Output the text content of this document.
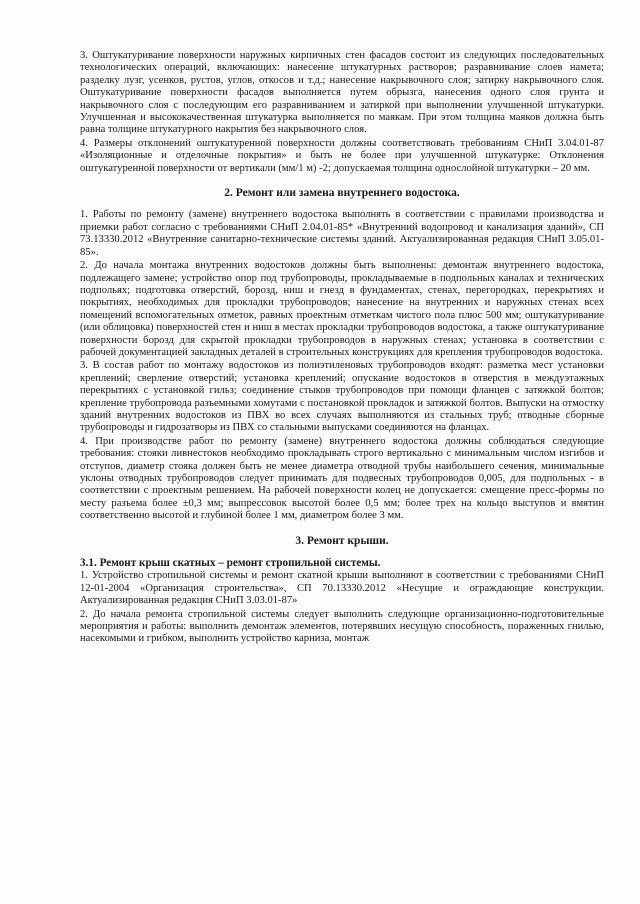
3. Оштукатуривание поверхности наружных кирпичных стен фасадов состоит из следующих последовательных технологических операций, включающих: нанесение штукатурных растворов; разравнивание слоев намета; разделку лузг, усенков, рустов, углов, откосов и т.д.; нанесение накрывочного слоя; затирку накрывочного слоя. Оштукатуривание поверхности фасадов выполняется путем обрызга, нанесения одного слоя грунта и накрывочного слоя с последующим его разравниванием и затиркой при выполнении улучшенной штукатурки. Улучшенная и высококачественная штукатурка выполняется по маякам. При этом толщина маяков должна быть равна толщине штукатурного накрытия без накрывочного слоя.

4. Размеры отклонений оштукатуренной поверхности должны соответствовать требованиям СНиП 3.04.01-87 «Изоляционные и отделочные покрытия» и быть не более при улучшенной штукатурке: Отклонения оштукатуренной поверхности от вертикали (мм/1 м) -2; допускаемая толщина однослойной штукатурки – 20 мм.

2. Ремонт или замена внутреннего водостока.

1. Работы по ремонту (замене) внутреннего водостока выполнять в соответствии с правилами производства и приемки работ согласно с требованиями СНиП 2.04.01-85* «Внутренний водопровод и канализация зданий», СП 73.13330.2012 «Внутренние санитарно-технические системы зданий. Актуализированная редакция СНиП 3.05.01-85».

2. До начала монтажа внутренних водостоков должны быть выполнены: демонтаж внутреннего водостока, подлежащего замене; устройство опор под трубопроводы, прокладываемые в подпольных каналах и технических подпольях; подготовка отверстий, борозд, ниш и гнезд в фундаментах, стенах, перегородках, перекрытиях и покрытиях, необходимых для прокладки трубопроводов; нанесение на внутренних и наружных стенах всех помещений вспомогательных отметок, равных проектным отметкам чистого пола плюс 500 мм; оштукатуривание (или облицовка) поверхностей стен и ниш в местах прокладки трубопроводов водостока, а также оштукатуривание поверхности борозд для скрытой прокладки трубопроводов в наружных стенах; установка в соответствии с рабочей документацией закладных деталей в строительных конструкциях для крепления трубопроводов водостока.

3. В состав работ по монтажу водостоков из полиэтиленовых трубопроводов входят: разметка мест установки креплений; сверление отверстий; установка креплений; опускание водостоков в отверстия в междуэтажных перекрытиях с установкой гильз; соединение стыков трубопроводов при помощи фланцев с затяжкой болтов; крепление трубопровода разъемными хомутами с постановкой прокладок и затяжкой болтов. Выпуски на отмостку зданий внутренних водостоков из ПВХ во всех случаях выполняются из стальных труб; отводные сборные трубопроводы и гидрозатворы из ПВХ со стальными выпусками соединяются на фланцах.

4. При производстве работ по ремонту (замене) внутреннего водостока должны соблюдаться следующие требования: стояки ливнестоков необходимо прокладывать строго вертикально с минимальным числом изгибов и отступов, диаметр стояка должен быть не менее диаметра отводной трубы наибольшего сечения, минимальные уклоны отводных трубопроводов следует принимать для подвесных трубопроводов 0,005, для подпольных - в соответствии с проектным решением. На рабочей поверхности колец не допускается: смещение пресс-формы по месту разъема более ±0,3 мм; выпрессовок высотой более 0,5 мм; более трех на кольцо выступов и вмятин соответственно высотой и глубиной более 1 мм, диаметром более 3 мм.

3. Ремонт крыши.
3.1. Ремонт крыш скатных – ремонт стропильной системы.

1. Устройство стропильной системы и ремонт скатной крыши выполняют в соответствии с требованиями СНиП 12-01-2004 «Организация строительства», СП 70.13330.2012 «Несущие и ограждающие конструкции. Актуализированная редакция СНиП 3.03.01-87»

2. До начала ремонта стропильной системы следует выполнить следующие организационно-подготовительные мероприятия и работы: выполнить демонтаж элементов, потерявших несущую способность, пораженных гнилью, насекомыми и грибком, выполнить устройство карниза, монтаж
